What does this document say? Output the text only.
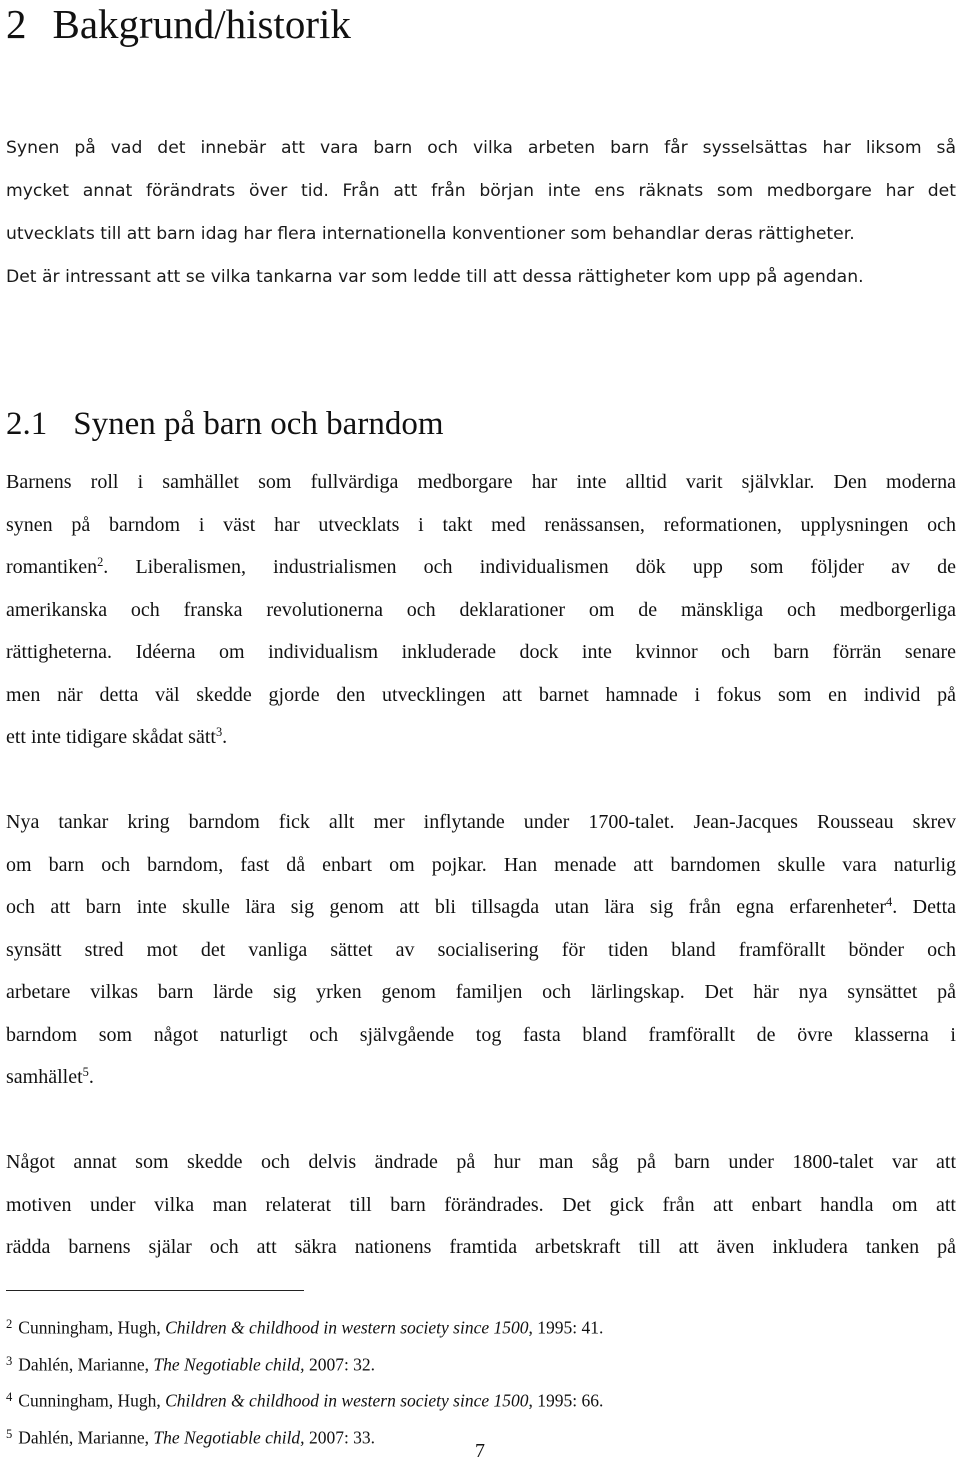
2 Bakgrund/historik

Synen på vad det innebär att vara barn och vilka arbeten barn får sysselsättas har liksom så
mycket annat förändrats över tid. Från att från början inte ens räknats som medborgare har det
utvecklats till att barn idag har flera internationella konventioner som behandlar deras rättigheter.
Det är intressant att se vilka tankarna var som ledde till att dessa rättigheter kom upp på agendan.

2.1 Synen på barn och barndom

Barnens roll i samhället som fullvärdiga medborgare har inte alltid varit självklar. Den moderna
synen på barndom i väst har utvecklats i takt med renässansen, reformationen, upplysningen och
romantiken$^2$. Liberalismen, industrialismen och individualismen dök upp som följder av de
amerikanska och franska revolutionerna och deklarationer om de mänskliga och medborgerliga
rättigheterna. Idéerna om individualism inkluderade dock inte kvinnor och barn förrän senare
men när detta väl skedde gjorde den utvecklingen att barnet hamnade i fokus som en individ på
ett inte tidigare skådat sätt$^3$.

Nya tankar kring barndom fick allt mer inflytande under 1700-talet. Jean-Jacques Rousseau skrev
om barn och barndom, fast då enbart om pojkar. Han menade att barndomen skulle vara naturlig
och att barn inte skulle lära sig genom att bli tillsagda utan lära sig från egna erfarenheter$^4$. Detta
synsätt stred mot det vanliga sättet av socialisering för tiden bland framförallt bönder och
arbetare vilkas barn lärde sig yrken genom familjen och lärlingskap. Det här nya synsättet på
barndom som något naturligt och självgående tog fasta bland framförallt de övre klasserna i
samhället$^5$.

Något annat som skedde och delvis ändrade på hur man såg på barn under 1800-talet var att
motiven under vilka man relaterat till barn förändrades. Det gick från att enbart handla om att
rädda barnens själar och att säkra nationens framtida arbetskraft till att även inkludera tanken på

$^2$ Cunningham, Hugh, Children & childhood in western society since 1500, 1995: 41.
$^3$ Dahlén, Marianne, The Negotiable child, 2007: 32.
$^4$ Cunningham, Hugh, Children & childhood in western society since 1500, 1995: 66.
$^5$ Dahlén, Marianne, The Negotiable child, 2007: 33.
7
